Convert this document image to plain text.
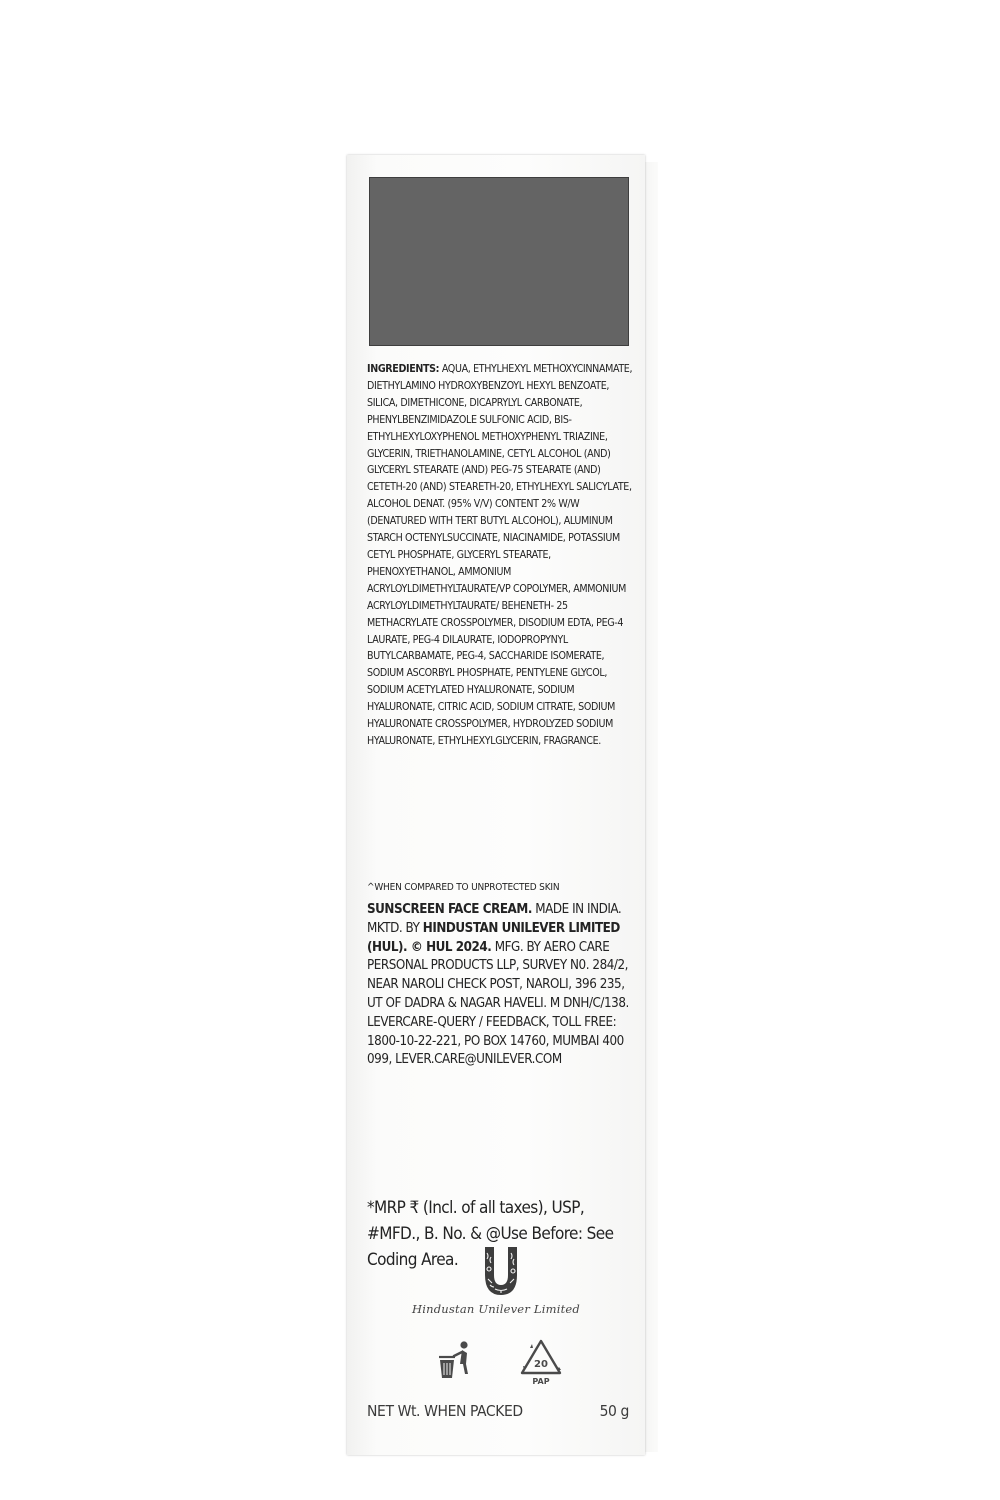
INGREDIENTS: AQUA, ETHYLHEXYL METHOXYCINNAMATE, DIETHYLAMINO HYDROXYBENZOYL HEXYL BENZOATE, SILICA, DIMETHICONE, DICAPRYLYL CARBONATE, PHENYLBENZIMIDAZOLE SULFONIC ACID, BIS-ETHYLHEXYLOXYPHENOL METHOXYPHENYL TRIAZINE, GLYCERIN, TRIETHANOLAMINE, CETYL ALCOHOL (AND) GLYCERYL STEARATE (AND) PEG-75 STEARATE (AND) CETETH-20 (AND) STEARETH-20, ETHYLHEXYL SALICYLATE, ALCOHOL DENAT. (95% V/V) CONTENT 2% W/W (DENATURED WITH TERT BUTYL ALCOHOL), ALUMINUM STARCH OCTENYLSUCCINATE, NIACINAMIDE, POTASSIUM CETYL PHOSPHATE, GLYCERYL STEARATE, PHENOXYETHANOL, AMMONIUM ACRYLOYLDIMETHYLTAURATE/VP COPOLYMER, AMMONIUM ACRYLOYLDIMETHYLTAURATE/ BEHENETH- 25 METHACRYLATE CROSSPOLYMER, DISODIUM EDTA, PEG-4 LAURATE, PEG-4 DILAURATE, IODOPROPYNYL BUTYLCARBAMATE, PEG-4, SACCHARIDE ISOMERATE, SODIUM ASCORBYL PHOSPHATE, PENTYLENE GLYCOL, SODIUM ACETYLATED HYALURONATE, SODIUM HYALURONATE, CITRIC ACID, SODIUM CITRATE, SODIUM HYALURONATE CROSSPOLYMER, HYDROLYZED SODIUM HYALURONATE, ETHYLHEXYLGLYCERIN, FRAGRANCE.
^WHEN COMPARED TO UNPROTECTED SKIN
SUNSCREEN FACE CREAM. MADE IN INDIA. MKTD. BY HINDUSTAN UNILEVER LIMITED (HUL). © HUL 2024. MFG. BY AERO CARE PERSONAL PRODUCTS LLP, SURVEY N0. 284/2, NEAR NAROLI CHECK POST, NAROLI, 396 235, UT OF DADRA & NAGAR HAVELI. M DNH/C/138. LEVERCARE-QUERY / FEEDBACK, TOLL FREE: 1800-10-22-221, PO BOX 14760, MUMBAI 400 099, LEVER.CARE@UNILEVER.COM
*MRP ₹ (Incl. of all taxes), USP, #MFD., B. No. & @Use Before: See Coding Area.
Hindustan Unilever Limited
20
PAP
NET Wt. WHEN PACKED	50 g
